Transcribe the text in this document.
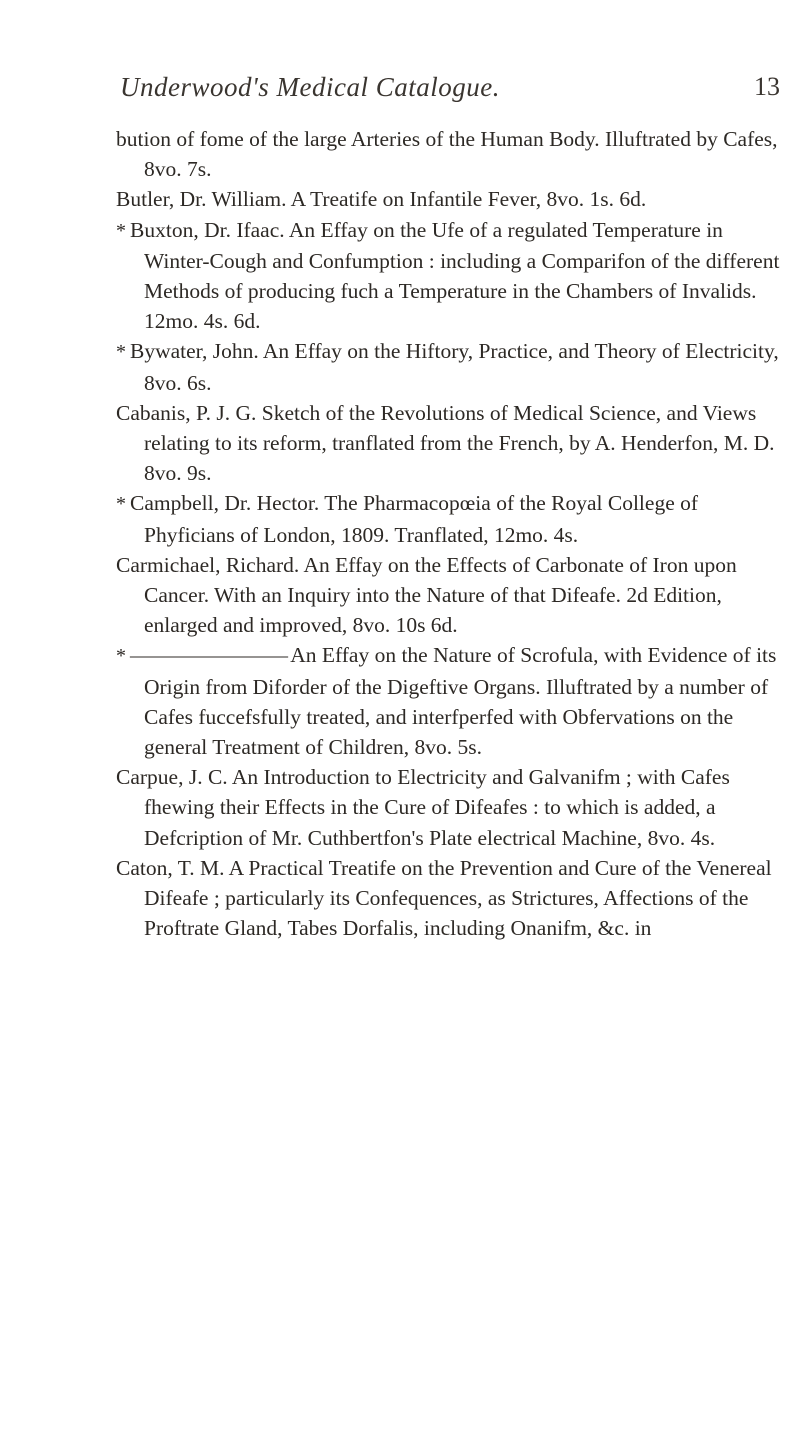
Underwood's Medical Catalogue.	13

bution of fome of the large Arteries of the Human Body. Illuftrated by Cafes, 8vo. 7s.

Butler, Dr. William. A Treatife on Infantile Fever, 8vo. 1s. 6d.

* Buxton, Dr. Ifaac. An Effay on the Ufe of a regulated Temperature in Winter-Cough and Confumption : including a Comparifon of the different Methods of producing fuch a Temperature in the Chambers of Invalids. 12mo. 4s. 6d.

* Bywater, John. An Effay on the Hiftory, Practice, and Theory of Electricity, 8vo. 6s.

Cabanis, P. J. G. Sketch of the Revolutions of Medical Science, and Views relating to its reform, tranflated from the French, by A. Henderfon, M. D. 8vo. 9s.

* Campbell, Dr. Hector. The Pharmacopœia of the Royal College of Phyficians of London, 1809. Tranflated, 12mo. 4s.

Carmichael, Richard. An Effay on the Effects of Carbonate of Iron upon Cancer. With an Inquiry into the Nature of that Difeafe. 2d Edition, enlarged and improved, 8vo. 10s 6d.

* ———————— An Effay on the Nature of Scrofula, with Evidence of its Origin from Diforder of the Digeftive Organs. Illuftrated by a number of Cafes fuccefsfully treated, and interfperfed with Obfervations on the general Treatment of Children, 8vo. 5s.

Carpue, J. C. An Introduction to Electricity and Galvanifm ; with Cafes fhewing their Effects in the Cure of Difeafes : to which is added, a Defcription of Mr. Cuthbertfon's Plate electrical Machine, 8vo. 4s.

Caton, T. M. A Practical Treatife on the Prevention and Cure of the Venereal Difeafe ; particularly its Confequences, as Strictures, Affections of the Proftrate Gland, Tabes Dorfalis, including Onanifm, &c. in
